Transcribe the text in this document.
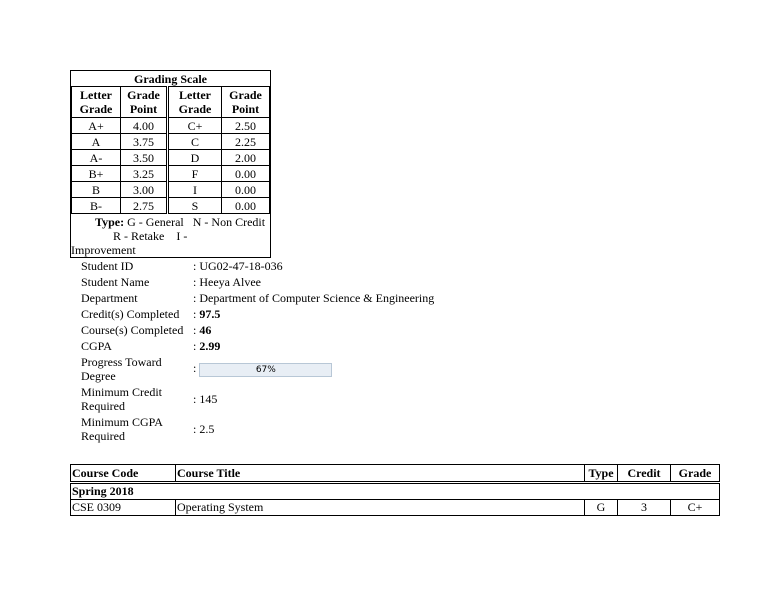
Grading Scale			
Letter Grade	Grade Point	Letter Grade	Grade Point
A+	4.00	C+	2.50
A	3.75	C	2.25
A-	3.50	D	2.00
B+	3.25	F	0.00
B	3.00	I	0.00
B-	2.75	S	0.00
Type: G - General   N - Non Credit
R - Retake    I -
Improvement
Student ID	: UG02-47-18-036
Student Name	: Heeya Alvee
Department	: Department of Computer Science & Engineering
Credit(s) Completed	: 97.5
Course(s) Completed : 46
CGPA	: 2.99
Progress Toward Degree
:	67%
Minimum Credit Required	: 145
Minimum CGPA Required	: 2.5
Course Code	Course Title	Type	Credit	Grade
Spring 2018				
CSE 0309	Operating System	G	3	C+
